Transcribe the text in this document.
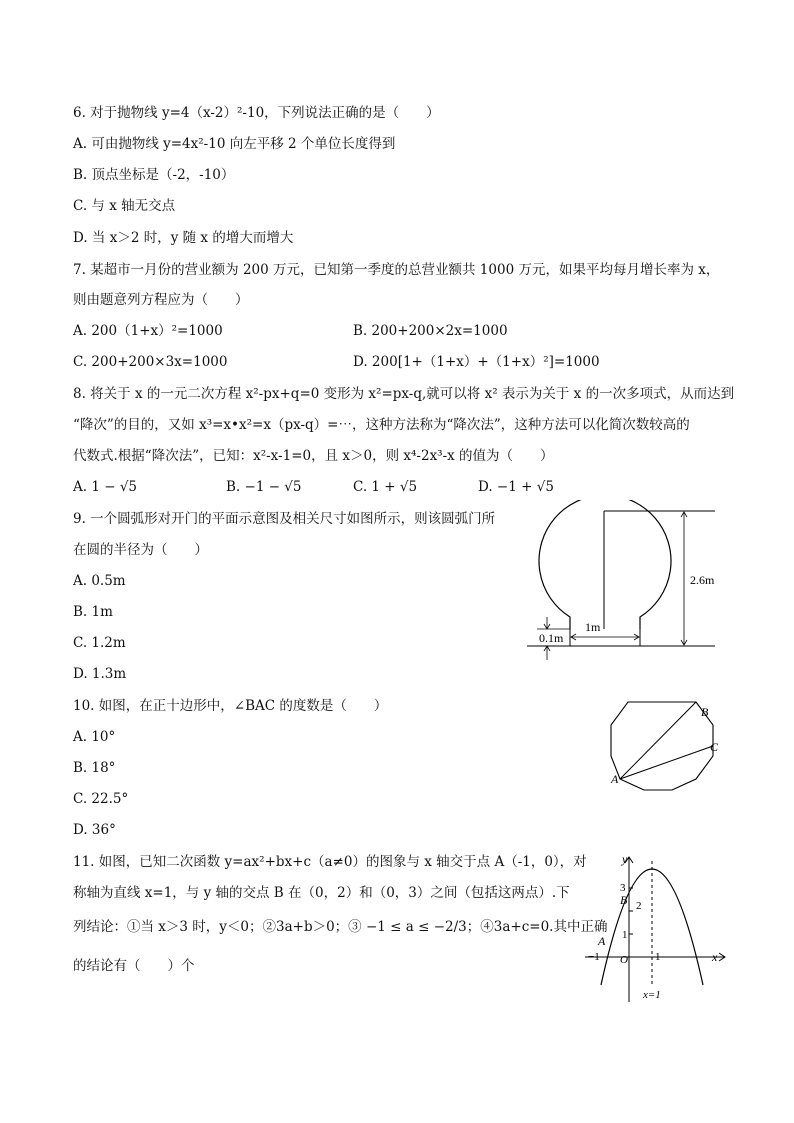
6. 对于抛物线 y=4（x-2）²-10，下列说法正确的是（　　）
A. 可由抛物线 y=4x²-10 向左平移 2 个单位长度得到
B. 顶点坐标是（-2，-10）
C. 与 x 轴无交点
D. 当 x＞2 时，y 随 x 的增大而增大
7. 某超市一月份的营业额为 200 万元，已知第一季度的总营业额共 1000 万元，如果平均每月增长率为 x，
则由题意列方程应为（　　）
A. 200（1+x）²=1000	B. 200+200×2x=1000
C. 200+200×3x=1000	D. 200[1+（1+x）+（1+x）²]=1000
8. 将关于 x 的一元二次方程 x²-px+q=0 变形为 x²=px-q,就可以将 x² 表示为关于 x 的一次多项式，从而达到
“降次”的目的，又如 x³=x•x²=x（px-q）=⋯，这种方法称为“降次法”，这种方法可以化简次数较高的
代数式.根据“降次法”，已知：x²-x-1=0，且 x＞0，则 x⁴-2x³-x 的值为（　　）
A. 1 − √5	B. −1 − √5	C. 1 + √5	D. −1 + √5
9. 一个圆弧形对开门的平面示意图及相关尺寸如图所示，则该圆弧门所
在圆的半径为（　　）
A. 0.5m
B. 1m
C. 1.2m
D. 1.3m
0.1m
1m
2.6m
10. 如图，在正十边形中，∠BAC 的度数是（　　）
A. 10°
B. 18°
C. 22.5°
D. 36°
B
C
A
11. 如图，已知二次函数 y=ax²+bx+c（a≠0）的图象与 x 轴交于点 A（-1，0），对
称轴为直线 x=1，与 y 轴的交点 B 在（0，2）和（0，3）之间（包括这两点）.下
列结论：①当 x＞3 时，y＜0；②3a+b＞0；③ −1 ≤ a ≤ −2/3；④3a+c=0.其中正确
的结论有（　　）个
y
x
3
2
1
B
A
−1 O 1
x=1
